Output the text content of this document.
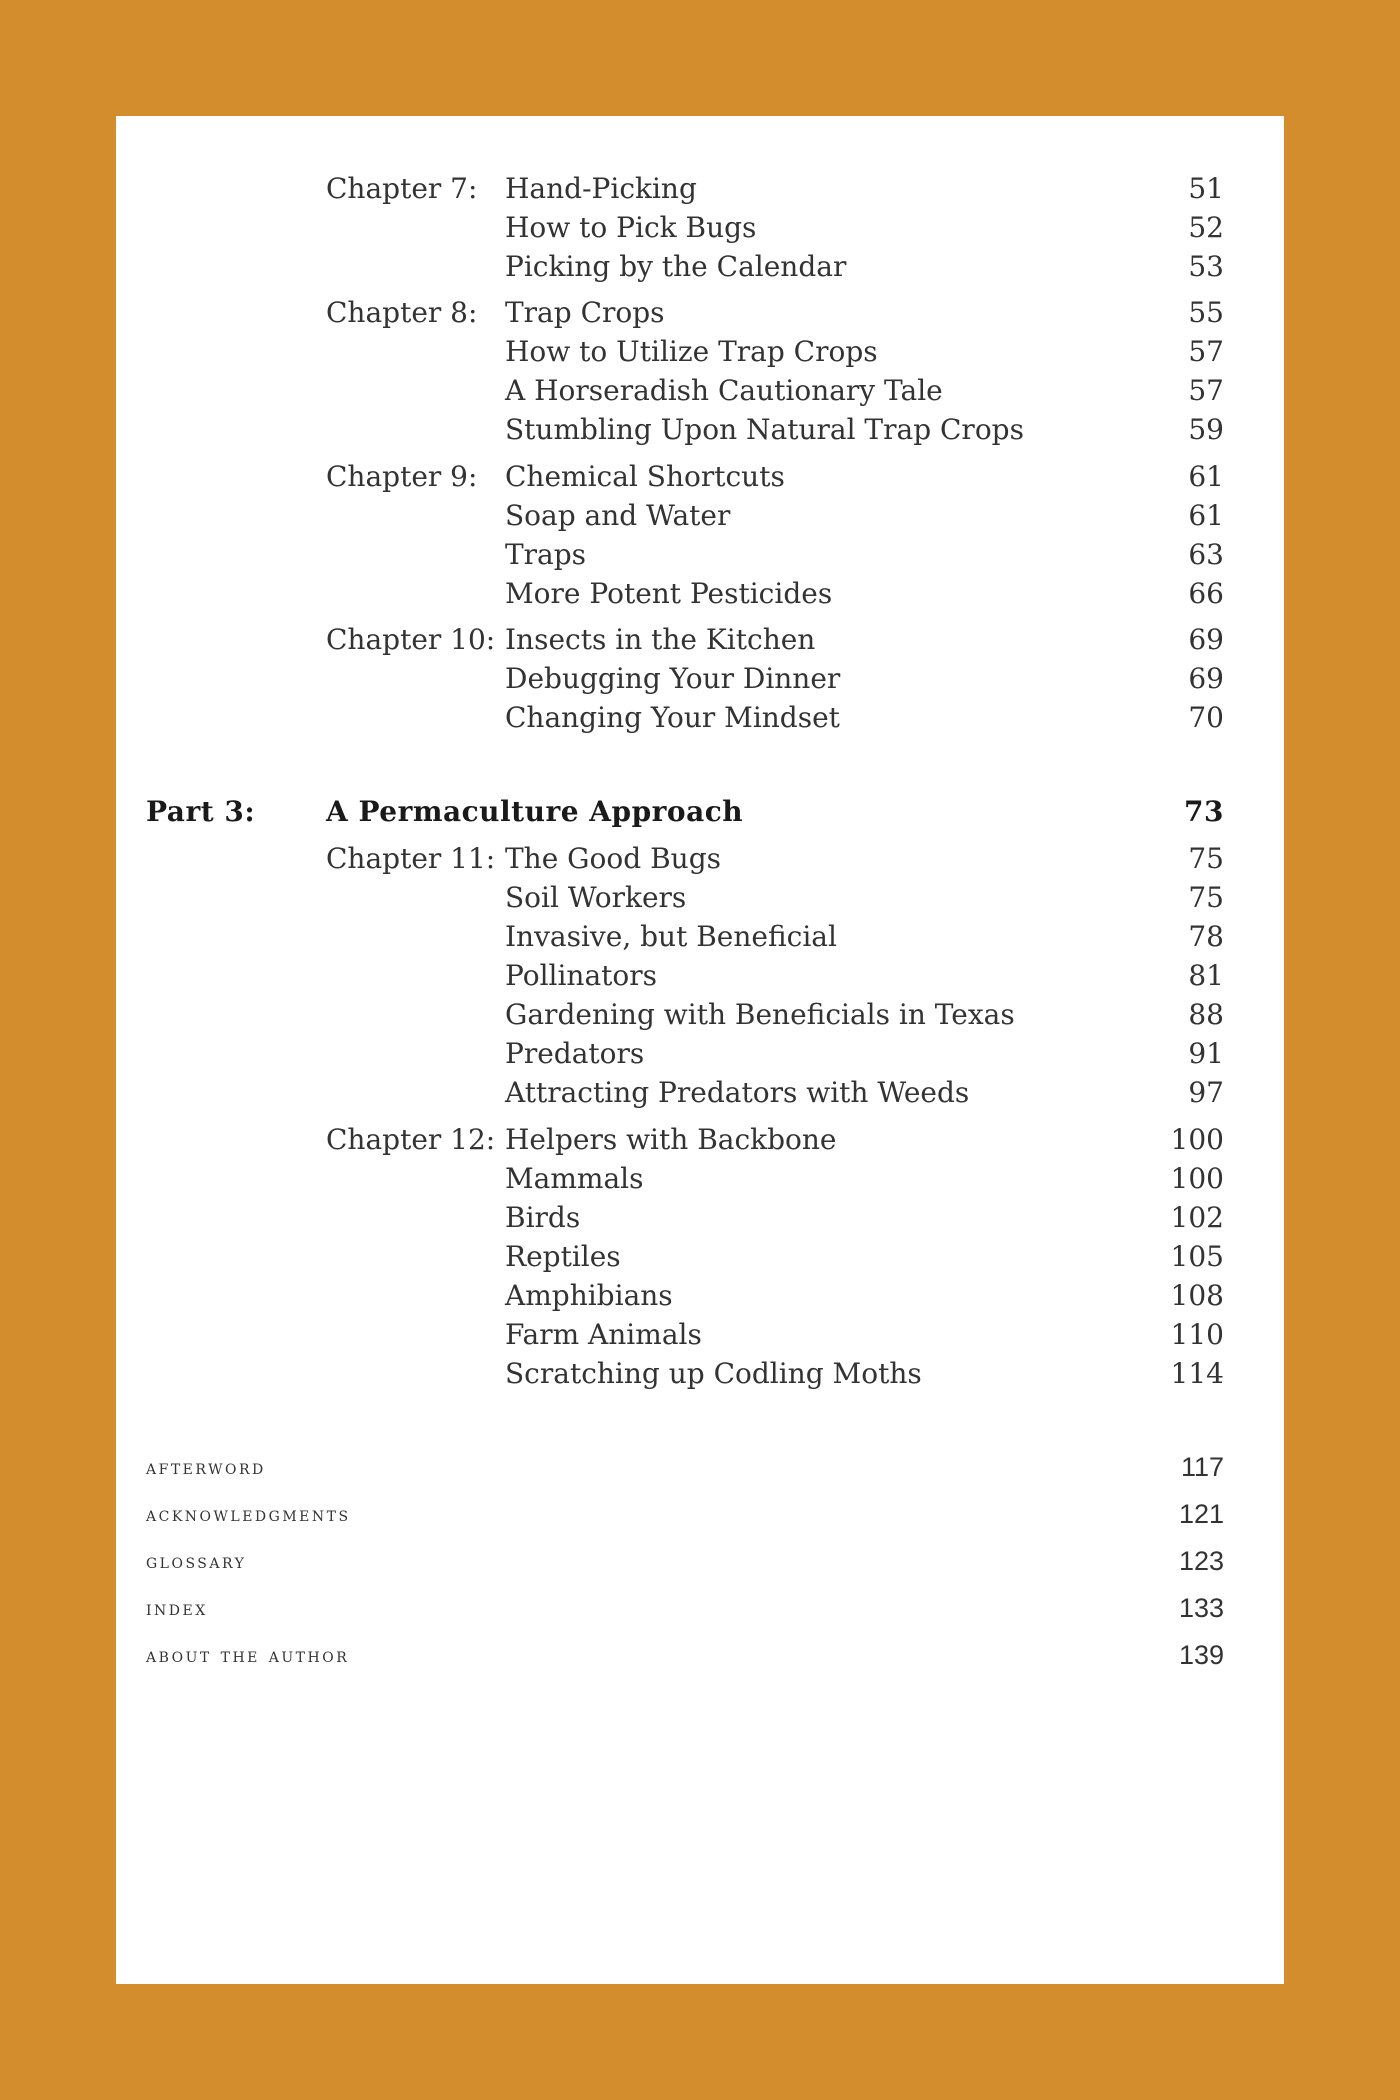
Chapter 7: Hand-Picking	51
How to Pick Bugs	52
Picking by the Calendar	53
Chapter 8: Trap Crops	55
How to Utilize Trap Crops	57
A Horseradish Cautionary Tale	57
Stumbling Upon Natural Trap Crops	59
Chapter 9: Chemical Shortcuts	61
Soap and Water	61
Traps	63
More Potent Pesticides	66
Chapter 10: Insects in the Kitchen	69
Debugging Your Dinner	69
Changing Your Mindset	70
Part 3:	A Permaculture Approach	73
Chapter 11: The Good Bugs	75
Soil Workers	75
Invasive, but Beneficial	78
Pollinators	81
Gardening with Beneficials in Texas	88
Predators	91
Attracting Predators with Weeds	97
Chapter 12: Helpers with Backbone	100
Mammals	100
Birds	102
Reptiles	105
Amphibians	108
Farm Animals	110
Scratching up Codling Moths	114
afterword	117
acknowledgments	121
glossary	123
index	133
about the author	139
